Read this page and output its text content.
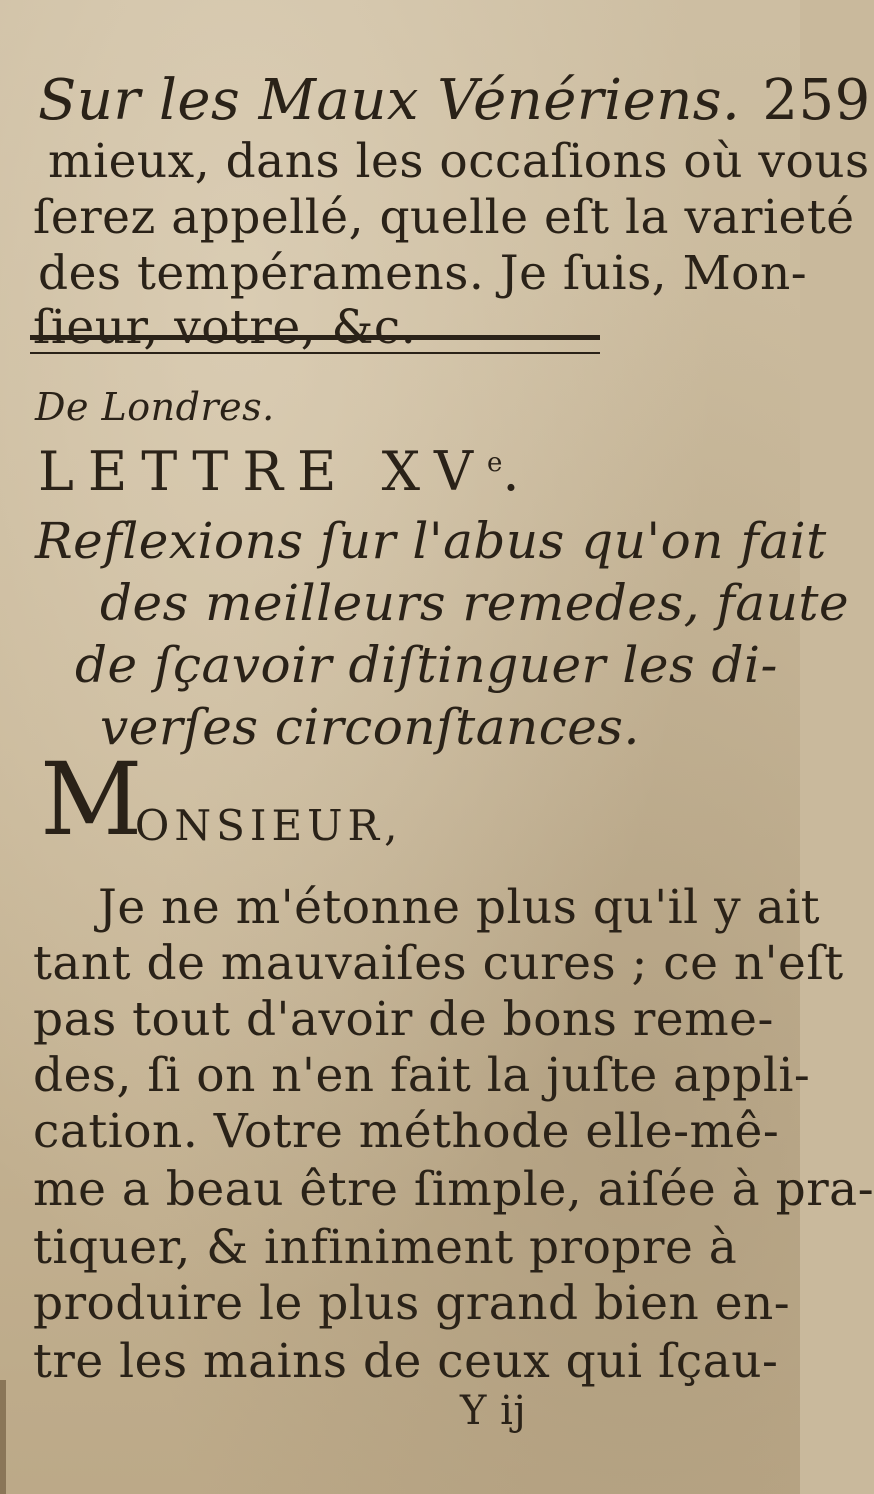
Sur les Maux Vénériens. 259
mieux, dans les occaſions où vous
ſerez appellé, quelle eſt la varieté
des tempéramens. Je ſuis, Mon-
ſieur, votre, &c.
De Londres.
LETTRE XVe.
Reflexions ſur l'abus qu'on fait
des meilleurs remedes, faute
de ſçavoir diſtinguer les di-
verſes circonſtances.
MONSIEUR,
Je ne m'étonne plus qu'il y ait
tant de mauvaiſes cures ; ce n'eſt
pas tout d'avoir de bons reme-
des, ſi on n'en fait la juſte appli-
cation. Votre méthode elle-mê-
me a beau être ſimple, aiſée à pra-
tiquer, & infiniment propre à
produire le plus grand bien en-
tre les mains de ceux qui ſçau-
Y ij
